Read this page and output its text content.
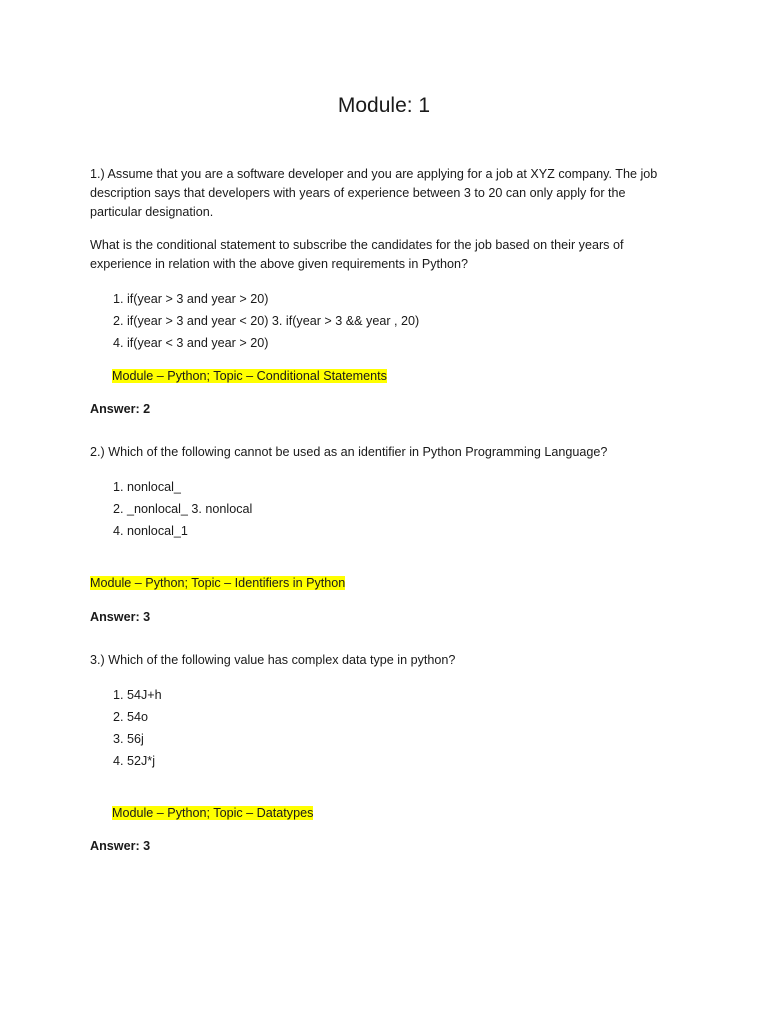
Module: 1
1.) Assume that you are a software developer and you are applying for a job at XYZ company. The job
description says that developers with years of experience between 3 to 20 can only apply for the
particular designation.
What is the conditional statement to subscribe the candidates for the job based on their years of
experience in relation with the above given requirements in Python?
1. if(year > 3 and year > 20)
2. if(year > 3 and year < 20) 3. if(year > 3 && year , 20)
4. if(year < 3 and year > 20)
Module – Python; Topic – Conditional Statements
Answer: 2
2.) Which of the following cannot be used as an identifier in Python Programming Language?
1. nonlocal_
2. _nonlocal_ 3. nonlocal
4. nonlocal_1
Module – Python; Topic – Identifiers in Python
Answer: 3
3.) Which of the following value has complex data type in python?
1. 54J+h
2. 54o
3. 56j
4. 52J*j
Module – Python; Topic – Datatypes
Answer: 3
